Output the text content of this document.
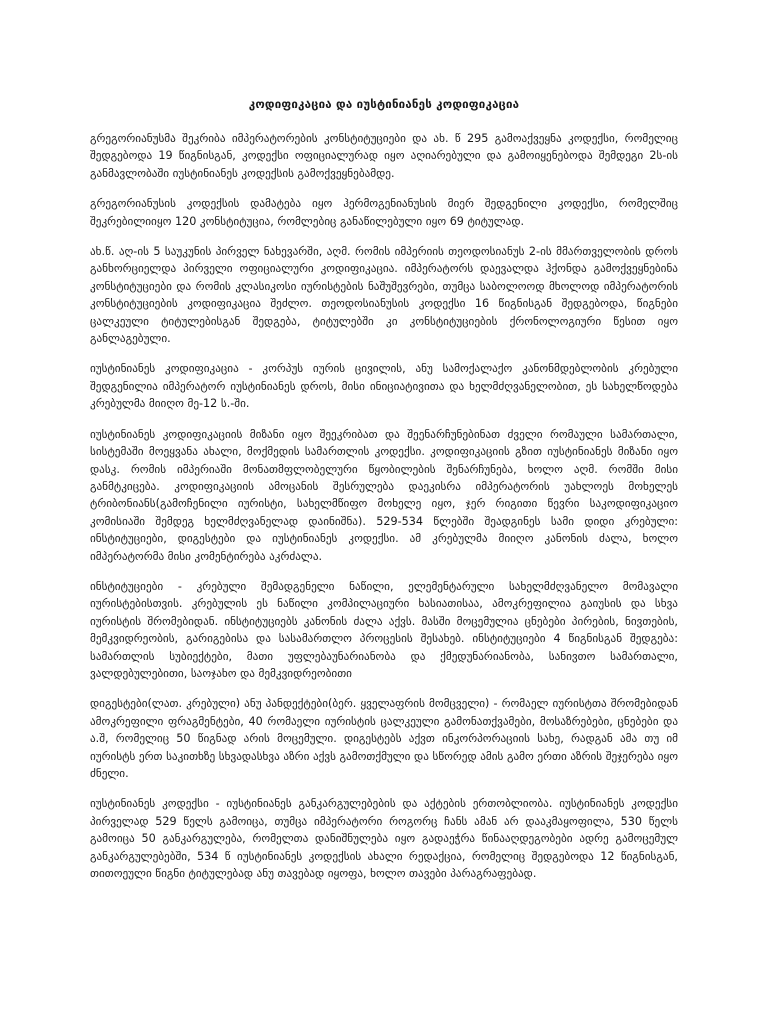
კოდიფიკაცია და იუსტინიანეს კოდიფიკაცია

გრეგორიანუსმა შეკრიბა იმპერატორების კონსტიტუციები და ახ. წ 295 გამოაქვეყნა კოდექსი, რომელიც შედგებოდა 19 წიგნისგან, კოდექსი ოფიციალურად იყო აღიარებული და გამოიყენებოდა შემდეგი 2ს-ის განმავლობაში იუსტინიანეს კოდექსის გამოქვეყნებამდე.

გრეგორიანუსის კოდექსის დამატება იყო ჰერმოგენიანუსის მიერ შედგენილი კოდექსი, რომელშიც შეკრებილიიყო 120 კონსტიტუცია, რომლებიც განაწილებული იყო 69 ტიტულად.

ახ.წ. აღ-ის 5 საუკუნის პირველ ნახევარში, აღმ. რომის იმპერიის თეოდოსიანუს 2-ის მმართველობის დროს განხორციელდა პირველი ოფიციალური კოდიფიკაცია. იმპერატორს დაევალდა ჰქონდა გამოქვეყნებინა კონსტიტუციები და რომის კლასიკოსი იურისტების ნაშუშევრები, თუმცა საბოლოოდ მხოლოდ იმპერატორის კონსტიტუციების კოდიფიკაცია შეძლო. თეოდოსიანუსის კოდექსი 16 წიგნისგან შედგებოდა, წიგნები ცალკეული ტიტულებისგან შედგება, ტიტულებში კი კონსტიტუციების ქრონოლოგიური წესით იყო განლაგებული.

იუსტინიანეს კოდიფიკაცია - კორპუს იურის ცივილის, ანუ სამოქალაქო კანონმდებლობის კრებული შედგენილია იმპერატორ იუსტინიანეს დროს, მისი ინიციატივითა და ხელმძღვანელობით, ეს სახელწოდება კრებულმა მიიღო მე-12 ს.-ში.

იუსტინიანეს კოდიფიკაციის მიზანი იყო შეეკრიბათ და შეენარჩუნებინათ ძველი რომაული სამართალი, სისტემაში მოეყვანა ახალი, მოქმედის სამართლის კოდექსი. კოდიფიკაციის გზით იუსტინიანეს მიზანი იყო დასკ. რომის იმპერიაში მონათმფლობელური წყობილების შენარჩუნება, ხოლო აღმ. რომში მისი განმტკიცება. კოდიფიკაციის ამოცანის შესრულება დაეკისრა იმპერატორის უახლოეს მოხელეს ტრიბონიანს(გამოჩენილი იურისტი, სახელმწიფო მოხელე იყო, ჯერ რიგითი წევრი საკოდიფიკაციო კომისიაში შემდეგ ხელმძღვანელად დაინიშნა). 529-534 წლებში შეადგინეს სამი დიდი კრებული: ინსტიტუციები, დიგესტები და იუსტინიანეს კოდექსი. ამ კრებულმა მიიღო კანონის ძალა, ხოლო იმპერატორმა მისი კომენტირება აკრძალა.

ინსტიტუციები - კრებული შემადგენელი ნაწილი, ელემენტარული სახელმძღვანელო მომავალი იურისტებისთვის. კრებულის ეს ნაწილი კომპილაციური ხასიათისაა, ამოკრეფილია გაიუსის და სხვა იურისტის შრომებიდან. ინსტიტუციებს კანონის ძალა აქვს. მასში მოცემულია ცნებები პირების, ნივთების, მემკვიდრეობის, გარიგებისა და სასამართლო პროცესის შესახებ. ინსტიტუციები 4 წიგნისგან შედგება: სამართლის სუბიექტები, მათი უფლებაუნარიანობა და ქმედუნარიანობა, სანივთო სამართალი, ვალდებულებითი, საოჯახო და მემკვიდრეობითი

დიგესტები(ლათ. კრებული) ანუ პანდექტები(ბერ. ყველაფრის მომცველი) - რომაელ იურისტთა შრომებიდან ამოკრეფილი ფრაგმენტები, 40 რომაელი იურისტის ცალკეული გამონათქვამები, მოსაზრებები, ცნებები და ა.შ, რომელიც 50 წიგნად არის მოცემული. დიგესტებს აქვთ ინკორპორაციის სახე, რადგან ამა თუ იმ იურისტს ერთ საკითხზე სხვადასხვა აზრი აქვს გამოთქმული და სწორედ ამის გამო ერთი აზრის შეჯერება იყო ძნელი.

იუსტინიანეს კოდექსი - იუსტინიანეს განკარგულებების და აქტების ერთობლიობა. იუსტინიანეს კოდექსი პირველად 529 წელს გამოიცა, თუმცა იმპერატორი როგორც ჩანს ამან არ დააკმაყოფილა, 530 წელს გამოიცა 50 განკარგულება, რომელთა დანიშნულება იყო გადაეჭრა წინააღდეგობები ადრე გამოცემულ განკარგულებებში, 534 წ იუსტინიანეს კოდექსის ახალი რედაქცია, რომელიც შედგებოდა 12 წიგნისგან, თითოეული წიგნი ტიტულებად ანუ თავებად იყოფა, ხოლო თავები პარაგრაფებად.
